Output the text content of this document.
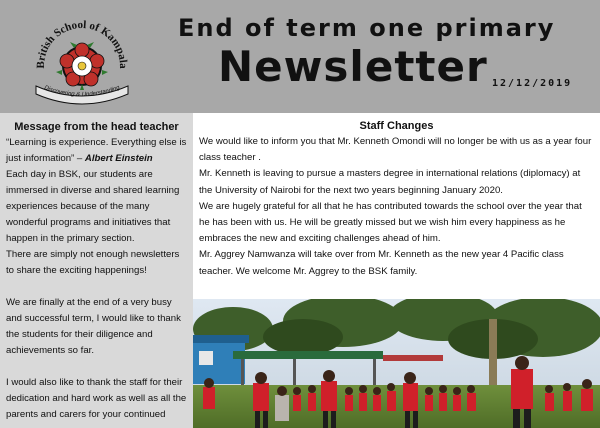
British School of Kampala
Discovering & Understanding
End of term one primary
Newsletter 12/12/2019
Message from the head teacher

“Learning is experience. Everything else is just information” – Albert Einstein

Each day in BSK, our students are immersed in diverse and shared learning experiences because of the many wonderful programs and initiatives that happen in the primary section.

There are simply not enough newsletters to share the exciting happenings!

We are finally at the end of a very busy and successful term, I would like to thank the students for their diligence and achievements so far.

I would also like to thank the staff for their dedication and hard work as well as all the parents and carers for your continued

Staff Changes

We would like to inform you that Mr. Kenneth Omondi will no longer be with us as a year four class teacher .

Mr. Kenneth is leaving to pursue a masters degree in international relations (diplomacy) at the University of Nairobi for the next two years beginning January 2020.

We are hugely grateful for all that he has contributed towards the school over the year that he has been with us. He will be greatly missed but we wish him every happiness as he embraces the new and exciting challenges ahead of him.

Mr. Aggrey Namwanza will take over from Mr. Kenneth as the new year 4 Pacific class teacher. We welcome Mr. Aggrey to the BSK family.
